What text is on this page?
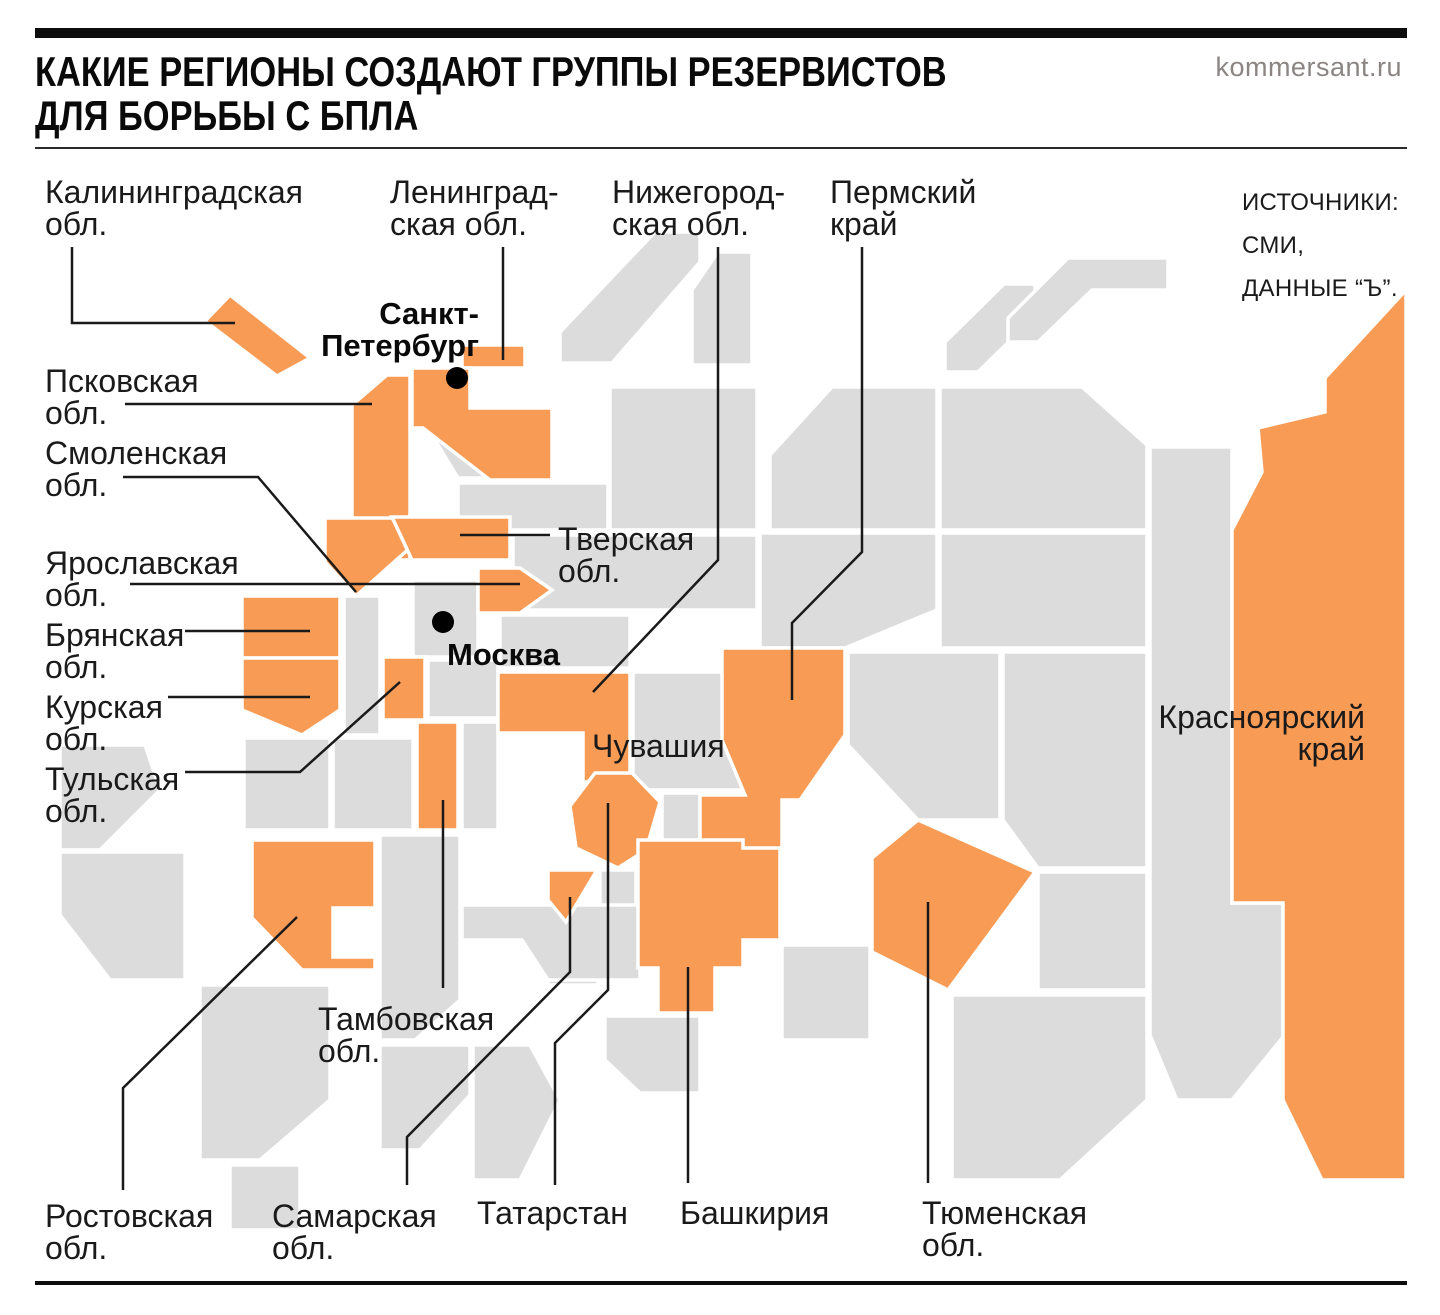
КАКИЕ РЕГИОНЫ СОЗДАЮТ ГРУППЫ РЕЗЕРВИСТОВ
ДЛЯ БОРЬБЫ С БПЛА
kommersant.ru
Калининградская
обл.
Ленинград-
ская обл.
Нижегород-
ская обл.
Пермский
край
Псковская
обл.
Смоленская
обл.
Ярославская
обл.
Брянская
обл.
Курская
обл.
Тульская
обл.
Тверская
обл.
Чувашия
Красноярский
край
Тамбовская
обл.
Ростовская
обл.
Самарская
обл.
Татарстан Башкирия	Тюменская
обл.
Санкт-
Петербург
Москва
ИСТОЧНИКИ:
СМИ,
ДАННЫЕ “Ъ”.
